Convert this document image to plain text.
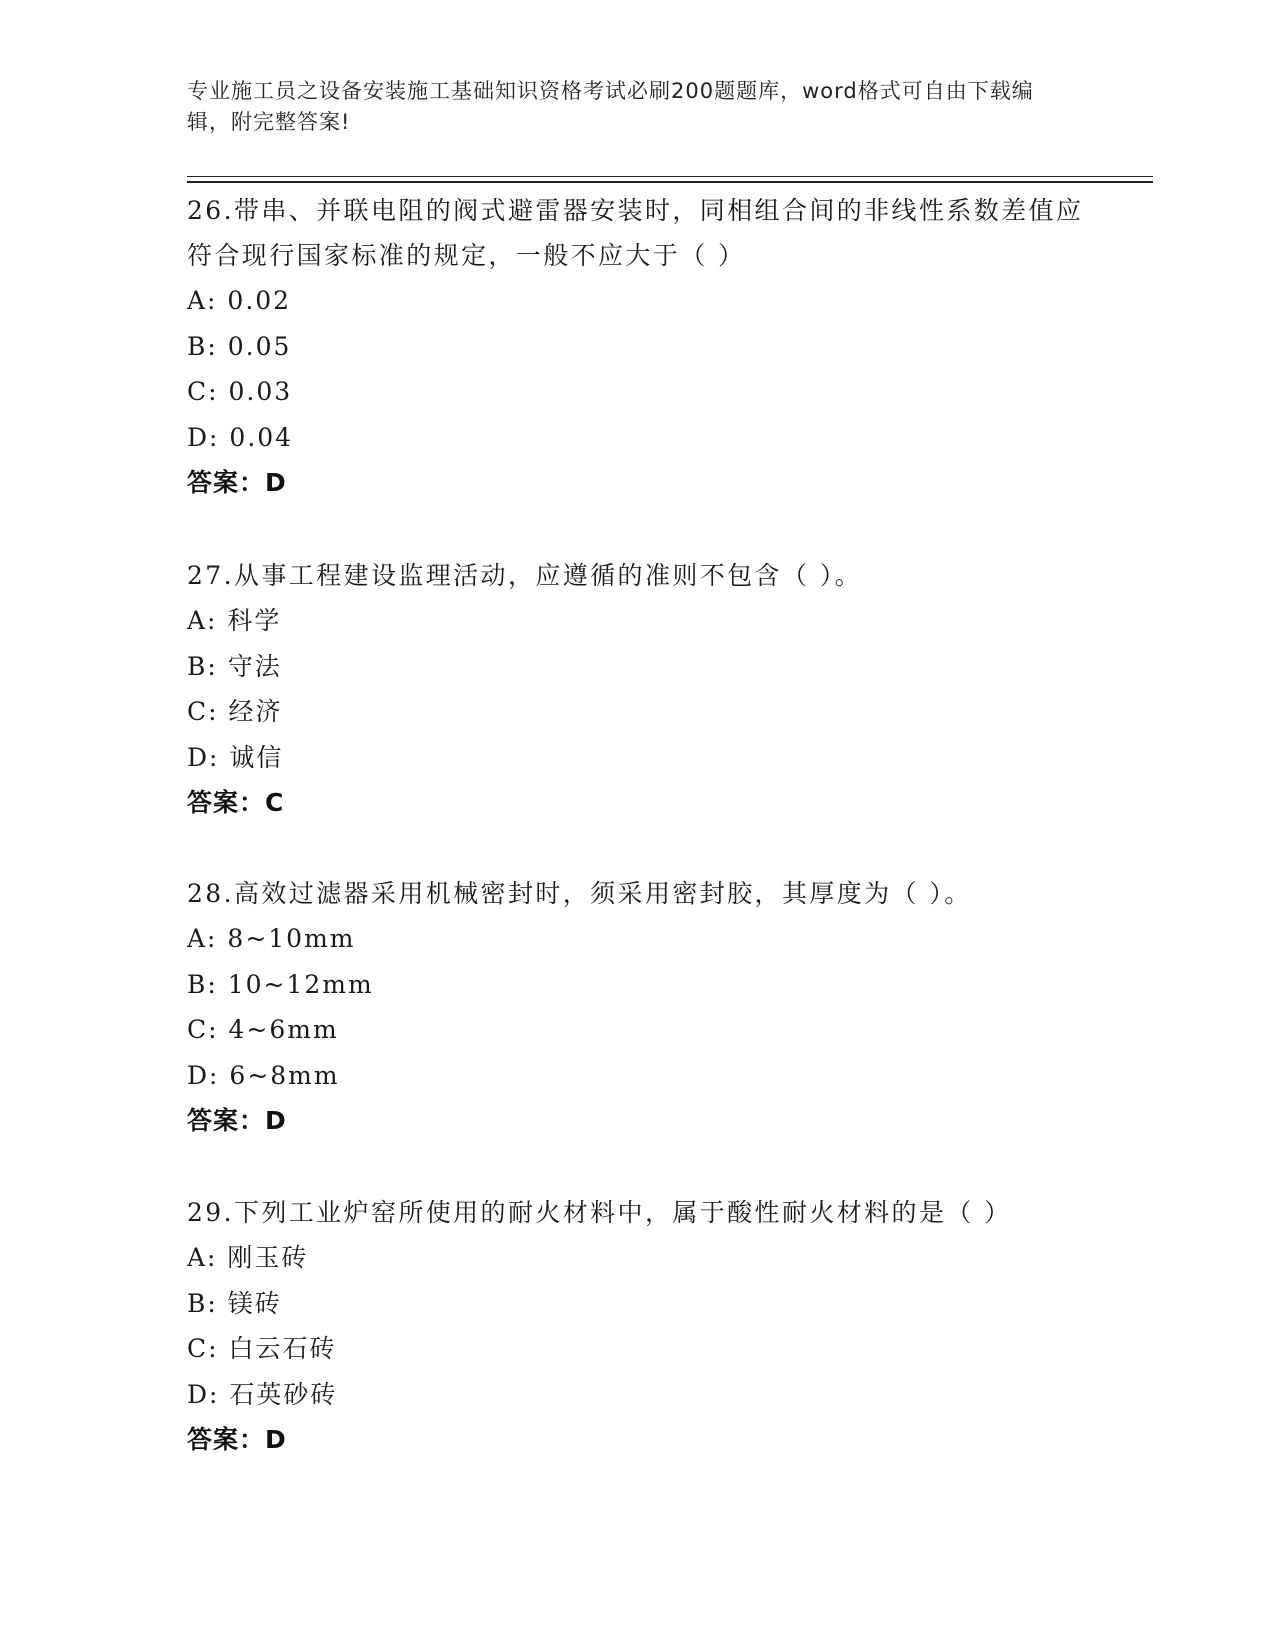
专业施工员之设备安装施工基础知识资格考试必刷200题题库，word格式可自由下载编辑，附完整答案!
26.带串、并联电阻的阀式避雷器安装时，同相组合间的非线性系数差值应符合现行国家标准的规定，一般不应大于（ ）
A: 0.02
B: 0.05
C: 0.03
D: 0.04
答案：D
27.从事工程建设监理活动，应遵循的准则不包含（ ）。
A: 科学
B: 守法
C: 经济
D: 诚信
答案：C
28.高效过滤器采用机械密封时，须采用密封胶，其厚度为（ ）。
A: 8~10mm
B: 10~12mm
C: 4~6mm
D: 6~8mm
答案：D
29.下列工业炉窑所使用的耐火材料中，属于酸性耐火材料的是（ ）
A: 刚玉砖
B: 镁砖
C: 白云石砖
D: 石英砂砖
答案：D
